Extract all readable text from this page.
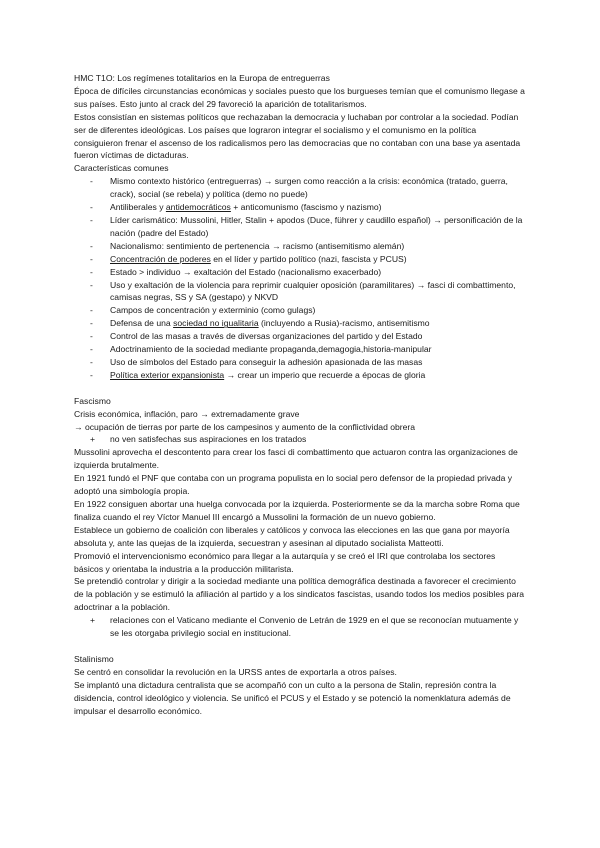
HMC T1O: Los regímenes totalitarios en la Europa de entreguerras

Época de difíciles circunstancias económicas y sociales puesto que los burgueses temían que el comunismo llegase a sus países. Esto junto al crack del 29 favoreció la aparición de totalitarismos.

Estos consistían en sistemas políticos que rechazaban la democracia y luchaban por controlar a la sociedad. Podían ser de diferentes ideológicas. Los países que lograron integrar el socialismo y el comunismo en la política consiguieron frenar el ascenso de los radicalismos pero las democracias que no contaban con una base ya asentada fueron víctimas de dictaduras.

Características comunes

-	Mismo contexto histórico (entreguerras) → surgen como reacción a la crisis: económica (tratado, guerra, crack), social (se rebela) y política (demo no puede)
-	Antiliberales y antidemocráticos + anticomunismo (fascismo y nazismo)
-	Líder carismático: Mussolini, Hitler, Stalin + apodos (Duce, führer y caudillo español) → personificación de la nación (padre del Estado)
-	Nacionalismo: sentimiento de pertenencia → racismo (antisemitismo alemán)
-	Concentración de poderes en el líder y partido político (nazi, fascista y PCUS)
-	Estado > individuo → exaltación del Estado (nacionalismo exacerbado)
-	Uso y exaltación de la violencia para reprimir cualquier oposición (paramilitares) → fasci di combattimento, camisas negras, SS y SA (gestapo) y NKVD
-	Campos de concentración y exterminio (como gulags)
-	Defensa de una sociedad no igualitaria (incluyendo a Rusia)-racismo, antisemitismo
-	Control de las masas a través de diversas organizaciones del partido y del Estado
-	Adoctrinamiento de la sociedad mediante propaganda,demagogia,historia-manipular
-	Uso de símbolos del Estado para conseguir la adhesión apasionada de las masas
-	Política exterior expansionista → crear un imperio que recuerde a épocas de gloria

Fascismo

Crisis económica, inflación, paro → extremadamente grave

→ ocupación de tierras por parte de los campesinos y aumento de la conflictividad obrera

+	no ven satisfechas sus aspiraciones en los tratados

Mussolini aprovecha el descontento para crear los fasci di combattimento que actuaron contra las organizaciones de izquierda brutalmente.

En 1921 fundó el PNF que contaba con un programa populista en lo social pero defensor de la propiedad privada y adoptó una simbología propia.

En 1922 consiguen abortar una huelga convocada por la izquierda. Posteriormente se da la marcha sobre Roma que finaliza cuando el rey Víctor Manuel III encargó a Mussolini la formación de un nuevo gobierno.

Establece un gobierno de coalición con liberales y católicos y convoca las elecciones en las que gana por mayoría absoluta y, ante las quejas de la izquierda, secuestran y asesinan al diputado socialista Matteotti.

Promovió el intervencionismo económico para llegar a la autarquía y se creó el IRI que controlaba los sectores básicos y orientaba la industria a la producción militarista.

Se pretendió controlar y dirigir a la sociedad mediante una política demográfica destinada a favorecer el crecimiento de la población y se estimuló la afiliación al partido y a los sindicatos fascistas, usando todos los medios posibles para adoctrinar a la población.

+	relaciones con el Vaticano mediante el Convenio de Letrán de 1929 en el que se reconocían mutuamente y se les otorgaba privilegio social en institucional.

Stalinismo

Se centró en consolidar la revolución en la URSS antes de exportarla a otros países.

Se implantó una dictadura centralista que se acompañó con un culto a la persona de Stalin, represión contra la disidencia, control ideológico y violencia. Se unificó el PCUS y el Estado y se potenció la nomenklatura además de impulsar el desarrollo económico.
